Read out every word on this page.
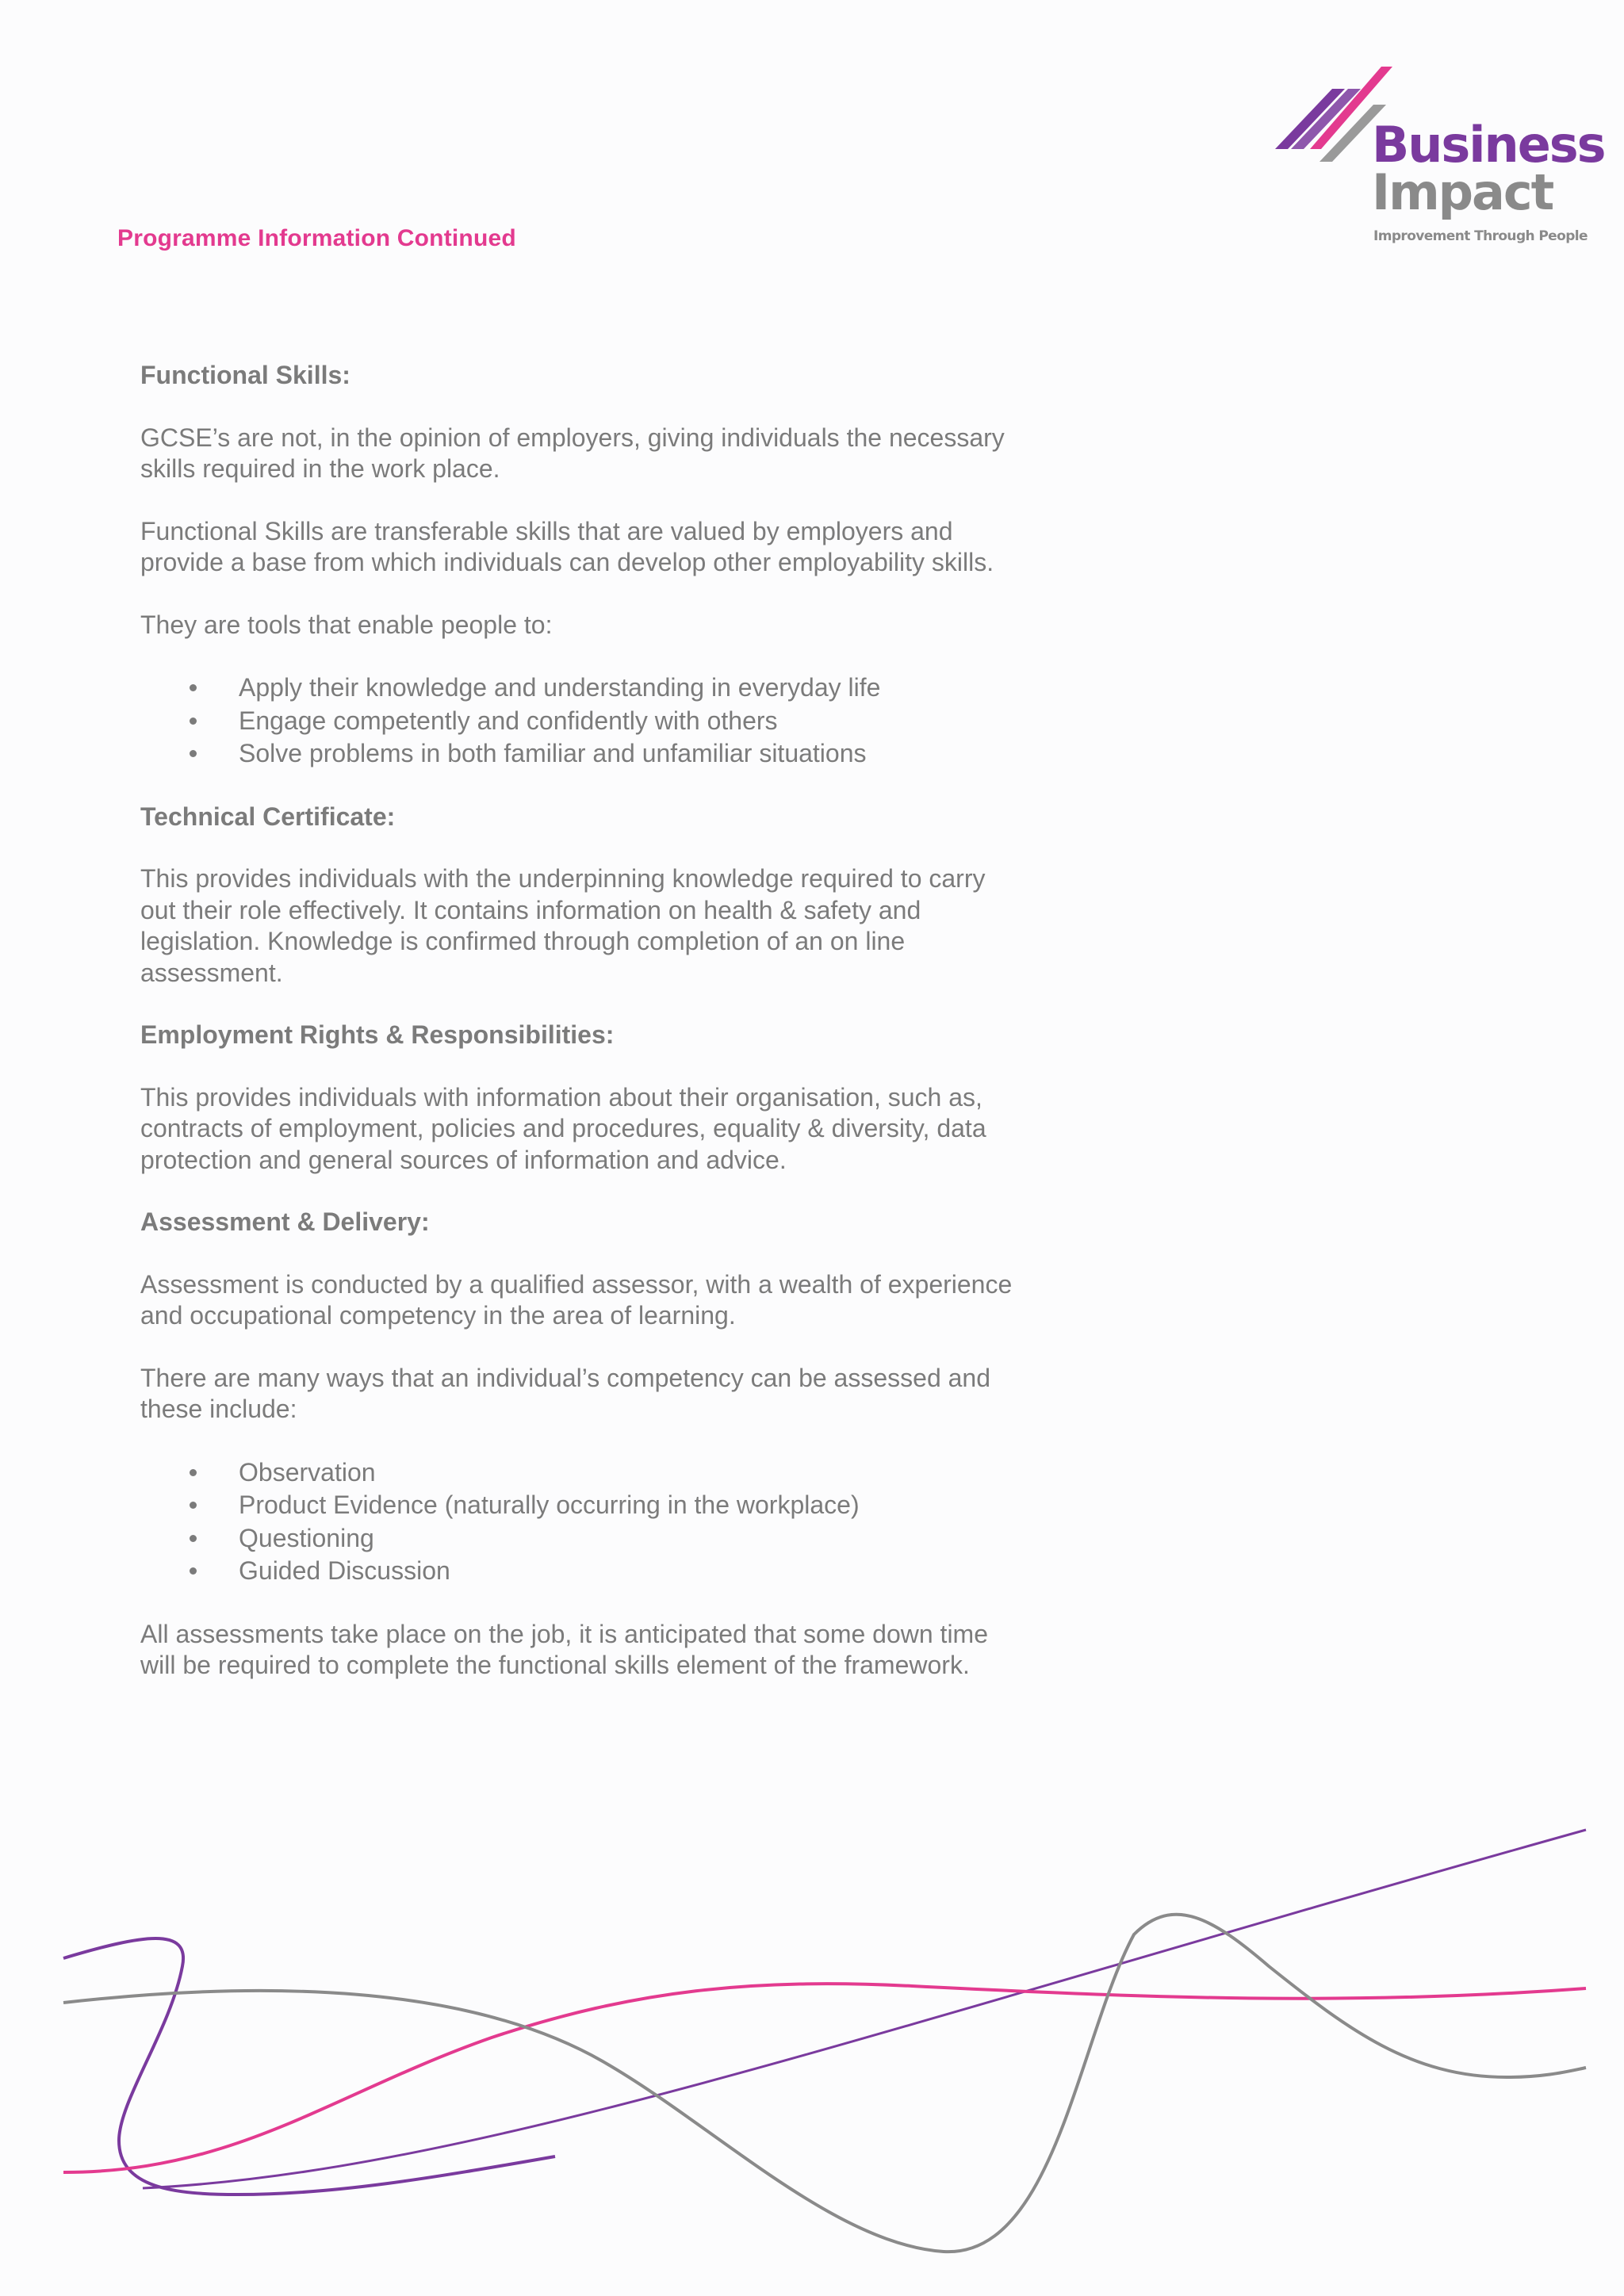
Programme Information Continued
Business
Impact
Improvement Through People
Functional Skills:

GCSE’s are not, in the opinion of employers, giving individuals the necessary skills required in the work place.

Functional Skills are transferable skills that are valued by employers and provide a base from which individuals can develop other employability skills.

They are tools that enable people to:

Apply their knowledge and understanding in everyday life
Engage competently and confidently with others
Solve problems in both familiar and unfamiliar situations
Technical Certificate:

This provides individuals with the underpinning knowledge required to carry out their role effectively. It contains information on health & safety and legislation. Knowledge is confirmed through completion of an on line assessment.

Employment Rights & Responsibilities:

This provides individuals with information about their organisation, such as, contracts of employment, policies and procedures, equality & diversity, data protection and general sources of information and advice.

Assessment & Delivery:

Assessment is conducted by a qualified assessor, with a wealth of experience and occupational competency in the area of learning.

There are many ways that an individual’s competency can be assessed and these include:

Observation
Product Evidence (naturally occurring in the workplace)
Questioning
Guided Discussion

All assessments take place on the job, it is anticipated that some down time will be required to complete the functional skills element of the framework.
